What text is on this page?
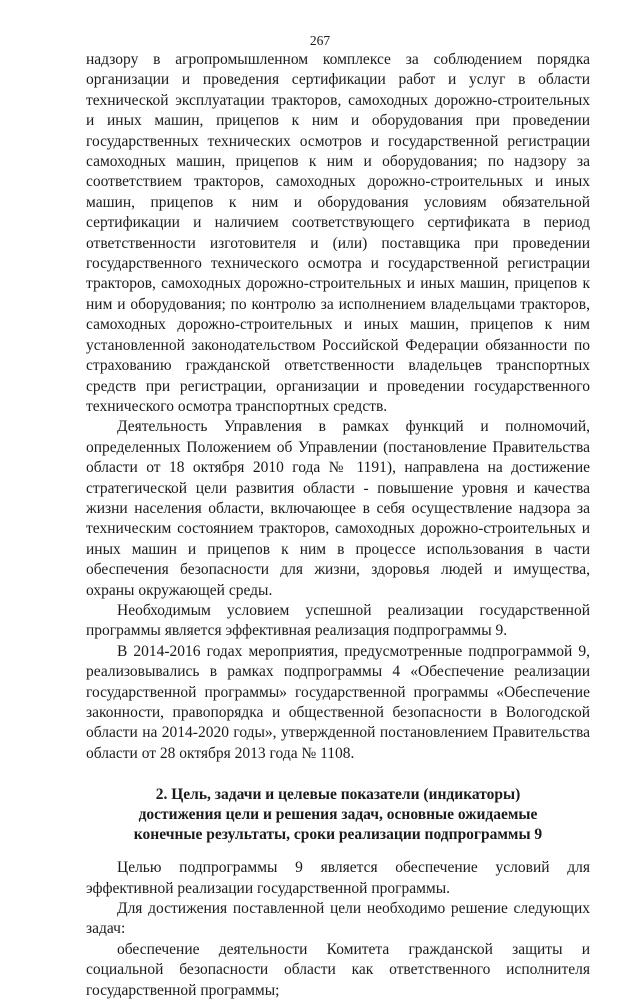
267

надзору в агропромышленном комплексе за соблюдением порядка организации и проведения сертификации работ и услуг в области технической эксплуатации тракторов, самоходных дорожно-строительных и иных машин, прицепов к ним и оборудования при проведении государственных технических осмотров и государственной регистрации самоходных машин, прицепов к ним и оборудования; по надзору за соответствием тракторов, самоходных дорожно-строительных и иных машин, прицепов к ним и оборудования условиям обязательной сертификации и наличием соответствующего сертификата в период ответственности изготовителя и (или) поставщика при проведении государственного технического осмотра и государственной регистрации тракторов, самоходных дорожно-строительных и иных машин, прицепов к ним и оборудования; по контролю за исполнением владельцами тракторов, самоходных дорожно-строительных и иных машин, прицепов к ним установленной законодательством Российской Федерации обязанности по страхованию гражданской ответственности владельцев транспортных средств при регистрации, организации и проведении государственного технического осмотра транспортных средств.

Деятельность Управления в рамках функций и полномочий, определенных Положением об Управлении (постановление Правительства области от 18 октября 2010 года № 1191), направлена на достижение стратегической цели развития области - повышение уровня и качества жизни населения области, включающее в себя осуществление надзора за техническим состоянием тракторов, самоходных дорожно-строительных и иных машин и прицепов к ним в процессе использования в части обеспечения безопасности для жизни, здоровья людей и имущества, охраны окружающей среды.

Необходимым условием успешной реализации государственной программы является эффективная реализация подпрограммы 9.

В 2014-2016 годах мероприятия, предусмотренные подпрограммой 9, реализовывались в рамках подпрограммы 4 «Обеспечение реализации государственной программы» государственной программы «Обеспечение законности, правопорядка и общественной безопасности в Вологодской области на 2014-2020 годы», утвержденной постановлением Правительства области от 28 октября 2013 года № 1108.

2. Цель, задачи и целевые показатели (индикаторы)
достижения цели и решения задач, основные ожидаемые
конечные результаты, сроки реализации подпрограммы 9

Целью подпрограммы 9 является обеспечение условий для эффективной реализации государственной программы.

Для достижения поставленной цели необходимо решение следующих задач:

обеспечение деятельности Комитета гражданской защиты и социальной безопасности области как ответственного исполнителя государственной программы;
